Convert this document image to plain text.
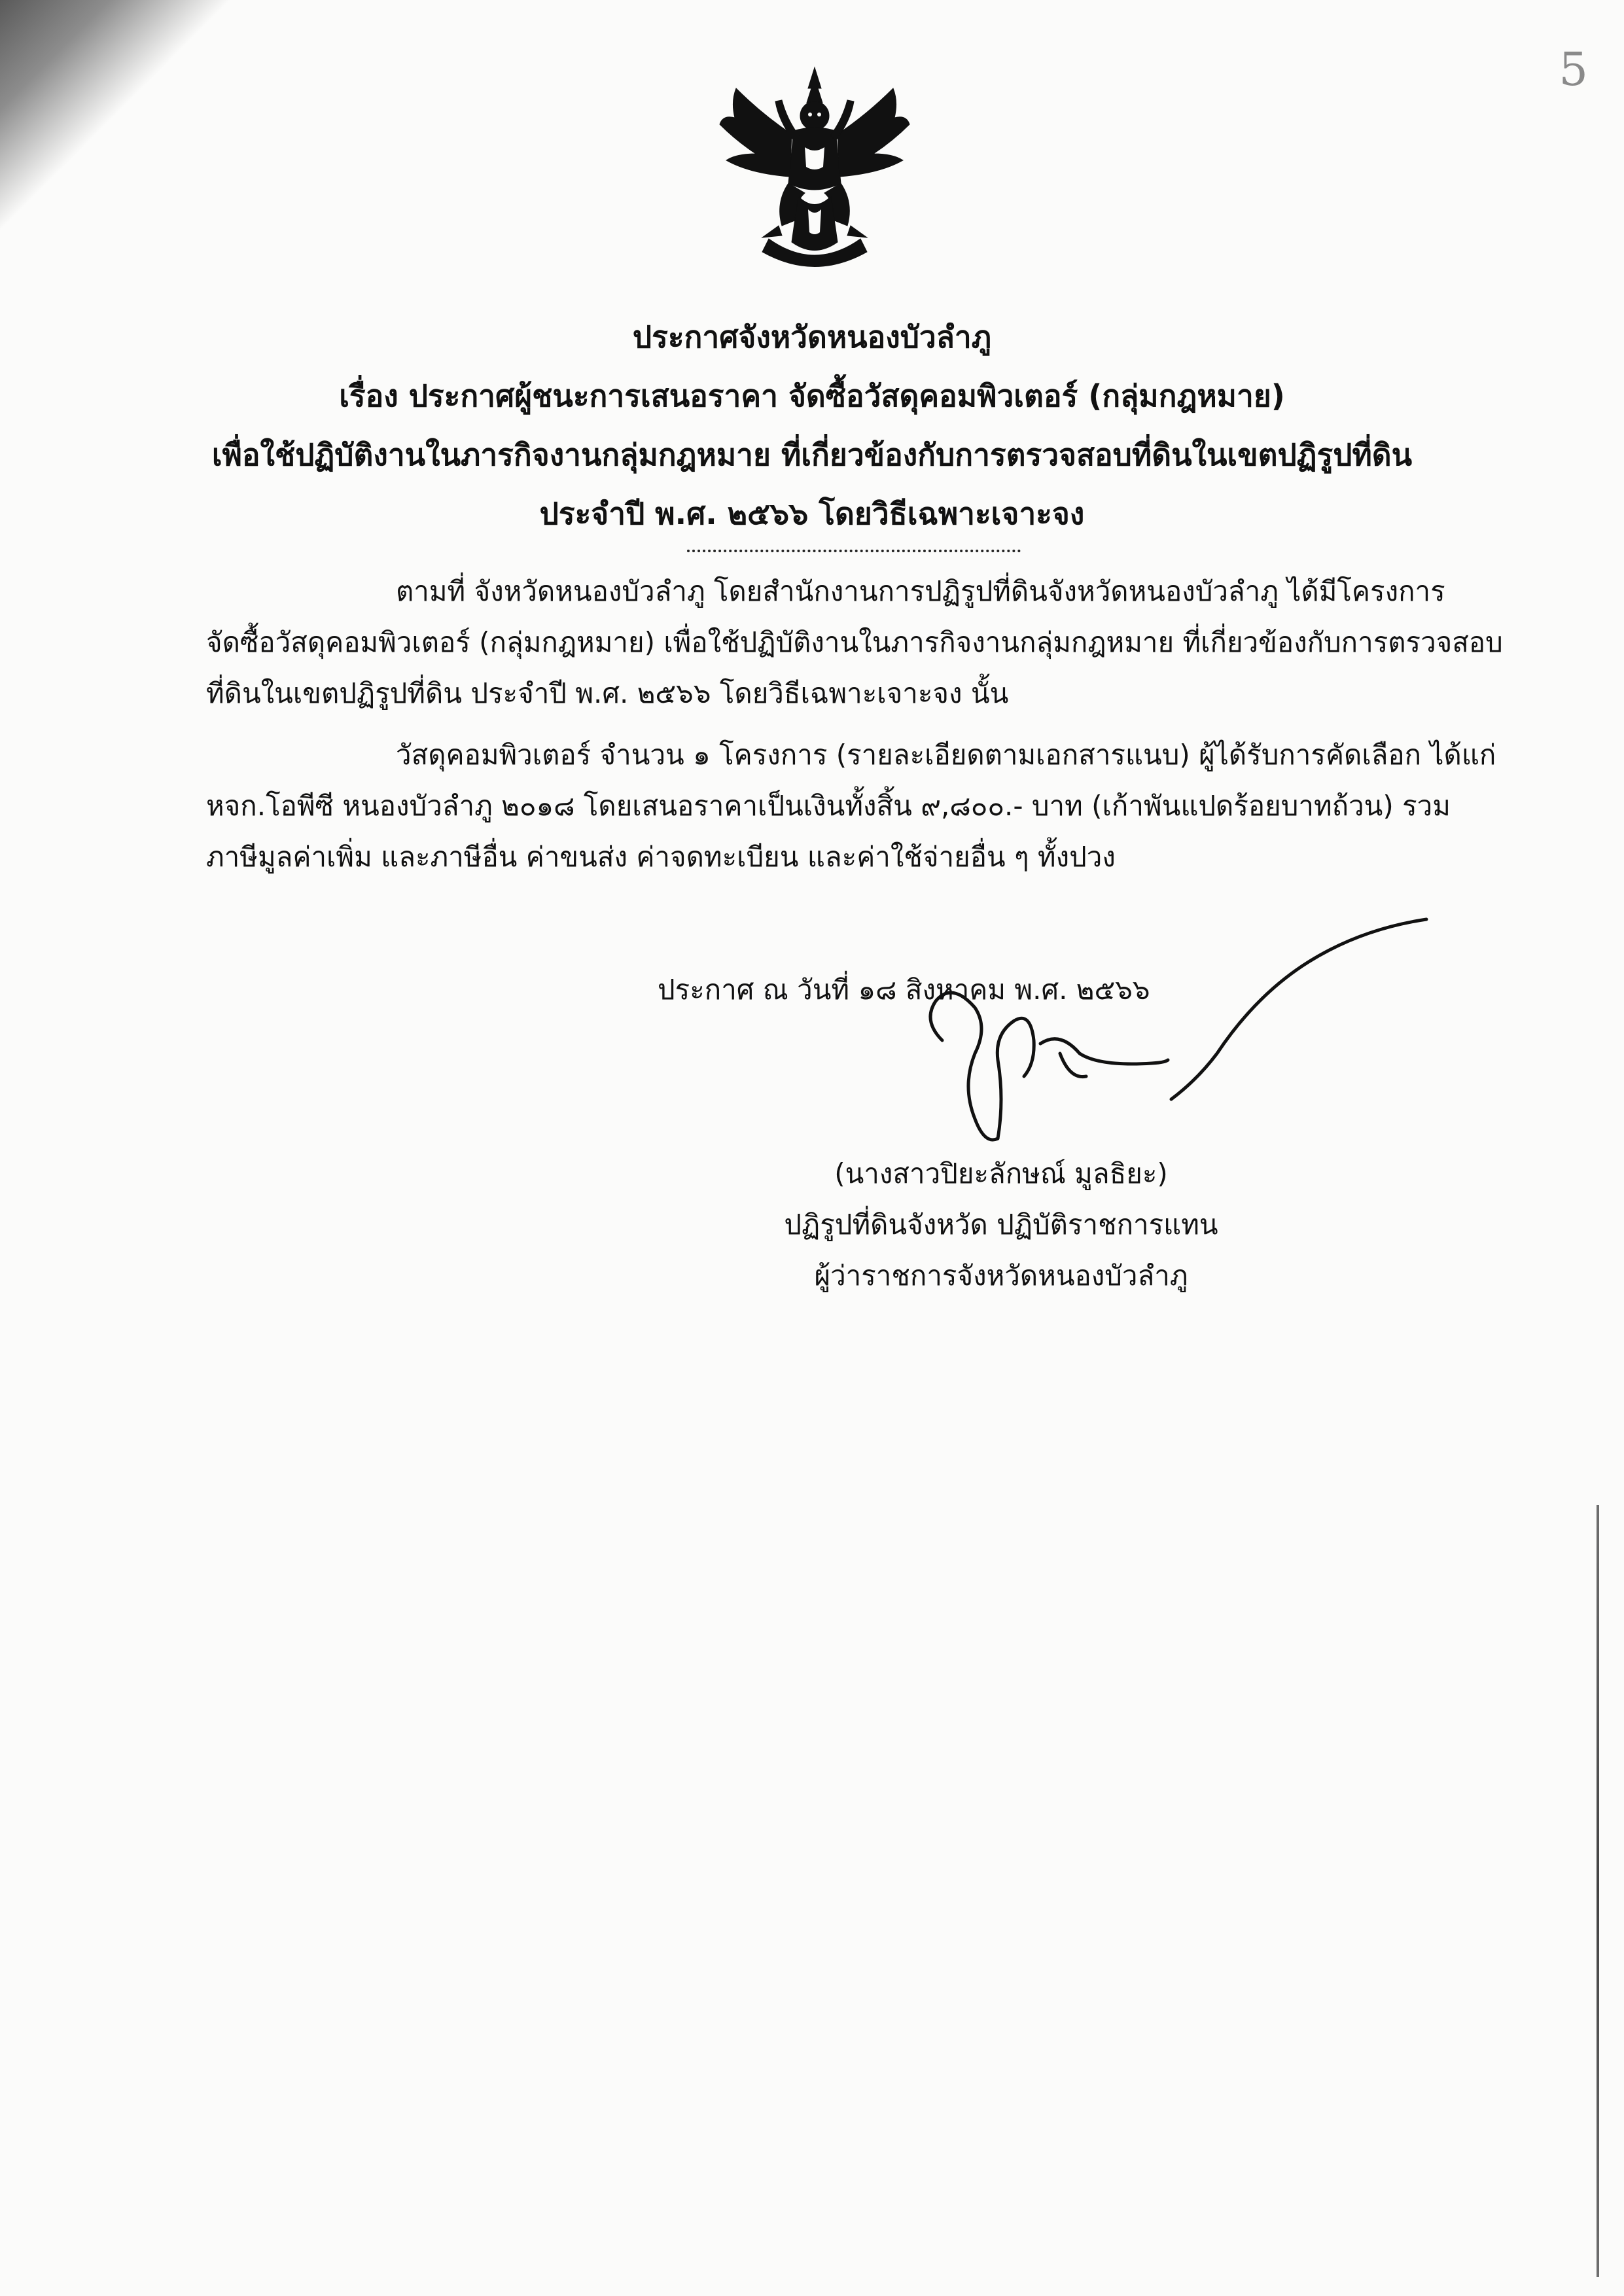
5
ประกาศจังหวัดหนองบัวลำภู
เรื่อง ประกาศผู้ชนะการเสนอราคา จัดซื้อวัสดุคอมพิวเตอร์ (กลุ่มกฎหมาย)
เพื่อใช้ปฏิบัติงานในภารกิจงานกลุ่มกฎหมาย ที่เกี่ยวข้องกับการตรวจสอบที่ดินในเขตปฏิรูปที่ดิน
ประจำปี พ.ศ. ๒๕๖๖ โดยวิธีเฉพาะเจาะจง
ตามที่ จังหวัดหนองบัวลำภู โดยสำนักงานการปฏิรูปที่ดินจังหวัดหนองบัวลำภู ได้มีโครงการ
จัดซื้อวัสดุคอมพิวเตอร์ (กลุ่มกฎหมาย) เพื่อใช้ปฏิบัติงานในภารกิจงานกลุ่มกฎหมาย ที่เกี่ยวข้องกับการตรวจสอบ
ที่ดินในเขตปฏิรูปที่ดิน ประจำปี พ.ศ. ๒๕๖๖ โดยวิธีเฉพาะเจาะจง นั้น
วัสดุคอมพิวเตอร์ จำนวน ๑ โครงการ (รายละเอียดตามเอกสารแนบ) ผู้ได้รับการคัดเลือก ได้แก่
หจก.โอพีซี หนองบัวลำภู ๒๐๑๘ โดยเสนอราคาเป็นเงินทั้งสิ้น ๙,๘๐๐.- บาท (เก้าพันแปดร้อยบาทถ้วน) รวม
ภาษีมูลค่าเพิ่ม และภาษีอื่น ค่าขนส่ง ค่าจดทะเบียน และค่าใช้จ่ายอื่น ๆ ทั้งปวง
ประกาศ ณ วันที่ ๑๘ สิงหาคม พ.ศ. ๒๕๖๖
(นางสาวปิยะลักษณ์ มูลธิยะ)
ปฏิรูปที่ดินจังหวัด ปฏิบัติราชการแทน
ผู้ว่าราชการจังหวัดหนองบัวลำภู
